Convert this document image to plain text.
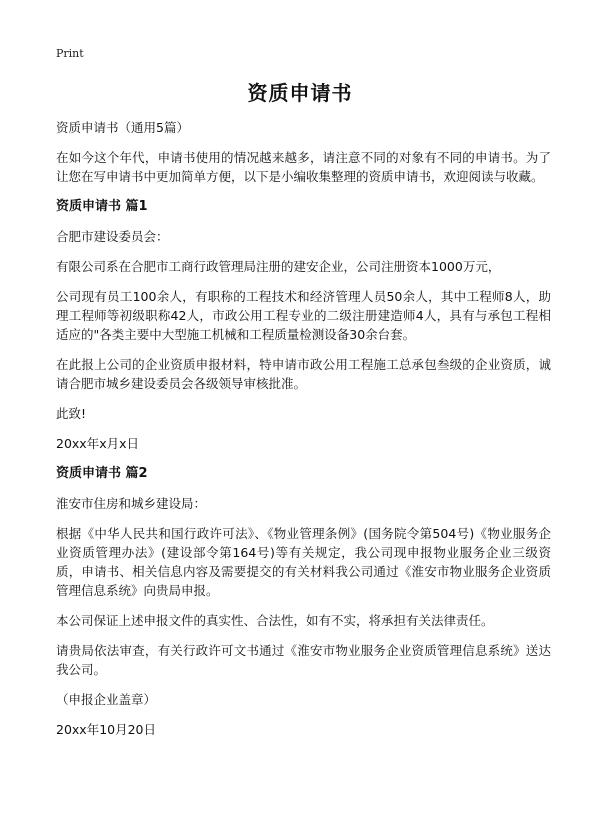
Print
资质申请书

资质申请书（通用5篇）

在如今这个年代，申请书使用的情况越来越多，请注意不同的对象有不同的申请书。为了让您在写申请书中更加简单方便，以下是小编收集整理的资质申请书，欢迎阅读与收藏。

资质申请书 篇1

合肥市建设委员会：

有限公司系在合肥市工商行政管理局注册的建安企业，公司注册资本1000万元，

公司现有员工100余人，有职称的工程技术和经济管理人员50余人，其中工程师8人，助理工程师等初级职称42人，市政公用工程专业的二级注册建造师4人，具有与承包工程相适应的"各类主要中大型施工机械和工程质量检测设备30余台套。

在此报上公司的企业资质申报材料，特申请市政公用工程施工总承包叁级的企业资质，诚请合肥市城乡建设委员会各级领导审核批准。

此致!

20xx年x月x日

资质申请书 篇2

淮安市住房和城乡建设局：

根据《中华人民共和国行政许可法》、《物业管理条例》(国务院令第504号)《物业服务企业资质管理办法》(建设部令第164号)等有关规定，我公司现申报物业服务企业三级资质，申请书、相关信息内容及需要提交的有关材料我公司通过《淮安市物业服务企业资质管理信息系统》向贵局申报。

本公司保证上述申报文件的真实性、合法性，如有不实，将承担有关法律责任。

请贵局依法审查，有关行政许可文书通过《淮安市物业服务企业资质管理信息系统》送达我公司。

（申报企业盖章）

20xx年10月20日
